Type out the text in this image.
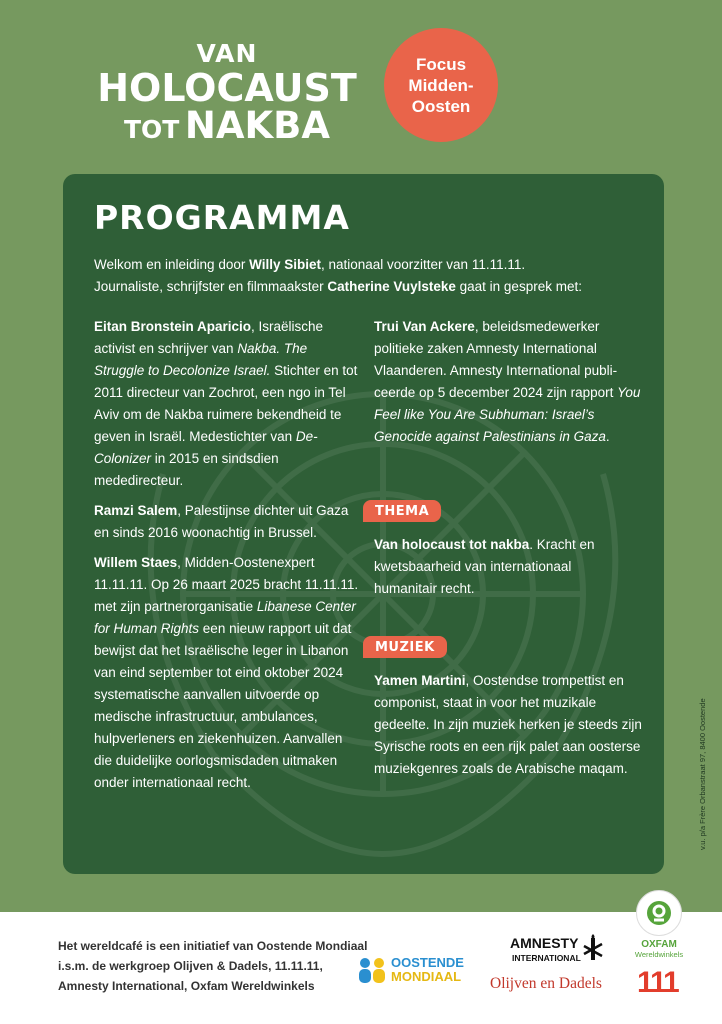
VAN
HOLOCAUST
TOT NAKBA
Focus
Midden-
Oosten
PROGRAMMA
Welkom en inleiding door Willy Sibiet, nationaal voorzitter van 11.11.11.
Journaliste, schrijfster en filmmaakster Catherine Vuylsteke gaat in gesprek met:

Eitan Bronstein Aparicio, Israëlische activist en schrijver van Nakba. The Struggle to Decolonize Israel. Stichter en tot 2011 directeur van Zochrot, een ngo in Tel Aviv om de Nakba ruimere bekendheid te geven in Israël. Medestichter van De-Colonizer in 2015 en sindsdien mededirecteur.

Ramzi Salem, Palestijnse dichter uit Gaza en sinds 2016 woonachtig in Brussel.

Willem Staes, Midden-Oostenexpert 11.11.11. Op 26 maart 2025 bracht 11.11.11. met zijn partnerorganisatie Libanese Center for Human Rights een nieuw rapport uit dat bewijst dat het Israëlische leger in Libanon van eind september tot eind oktober 2024 systematische aanvallen uitvoerde op medische infrastructuur, ambulances, hulpverleners en ziekenhuizen. Aanvallen die duidelijke oorlogsmisdaden uitmaken onder internationaal recht.

Trui Van Ackere, beleidsmedewerker politieke zaken Amnesty International Vlaanderen. Amnesty International publi-ceerde op 5 december 2024 zijn rapport You Feel like You Are Subhuman: Israel’s Genocide against Palestinians in Gaza.

THEMA
Van holocaust tot nakba. Kracht en kwetsbaarheid van internationaal humanitair recht.
MUZIEK
Yamen Martini, Oostendse trompettist en componist, staat in voor het muzikale gedeelte. In zijn muziek herken je steeds zijn Syrische roots en een rijk palet aan oosterse muziekgenres zoals de Arabische maqam.	v.u. p/a Frère Orbanstraat 97, 8400 Oostende
Het wereldcafé is een initiatief van Oostende Mondiaal
i.s.m. de werkgroep Olijven & Dadels, 11.11.11,
Amnesty International, Oxfam Wereldwinkels
OOSTENDE
MONDIAAL
AMNESTY
INTERNATIONAL
Olijven en Dadels
OXFAM
Wereldwinkels
111
